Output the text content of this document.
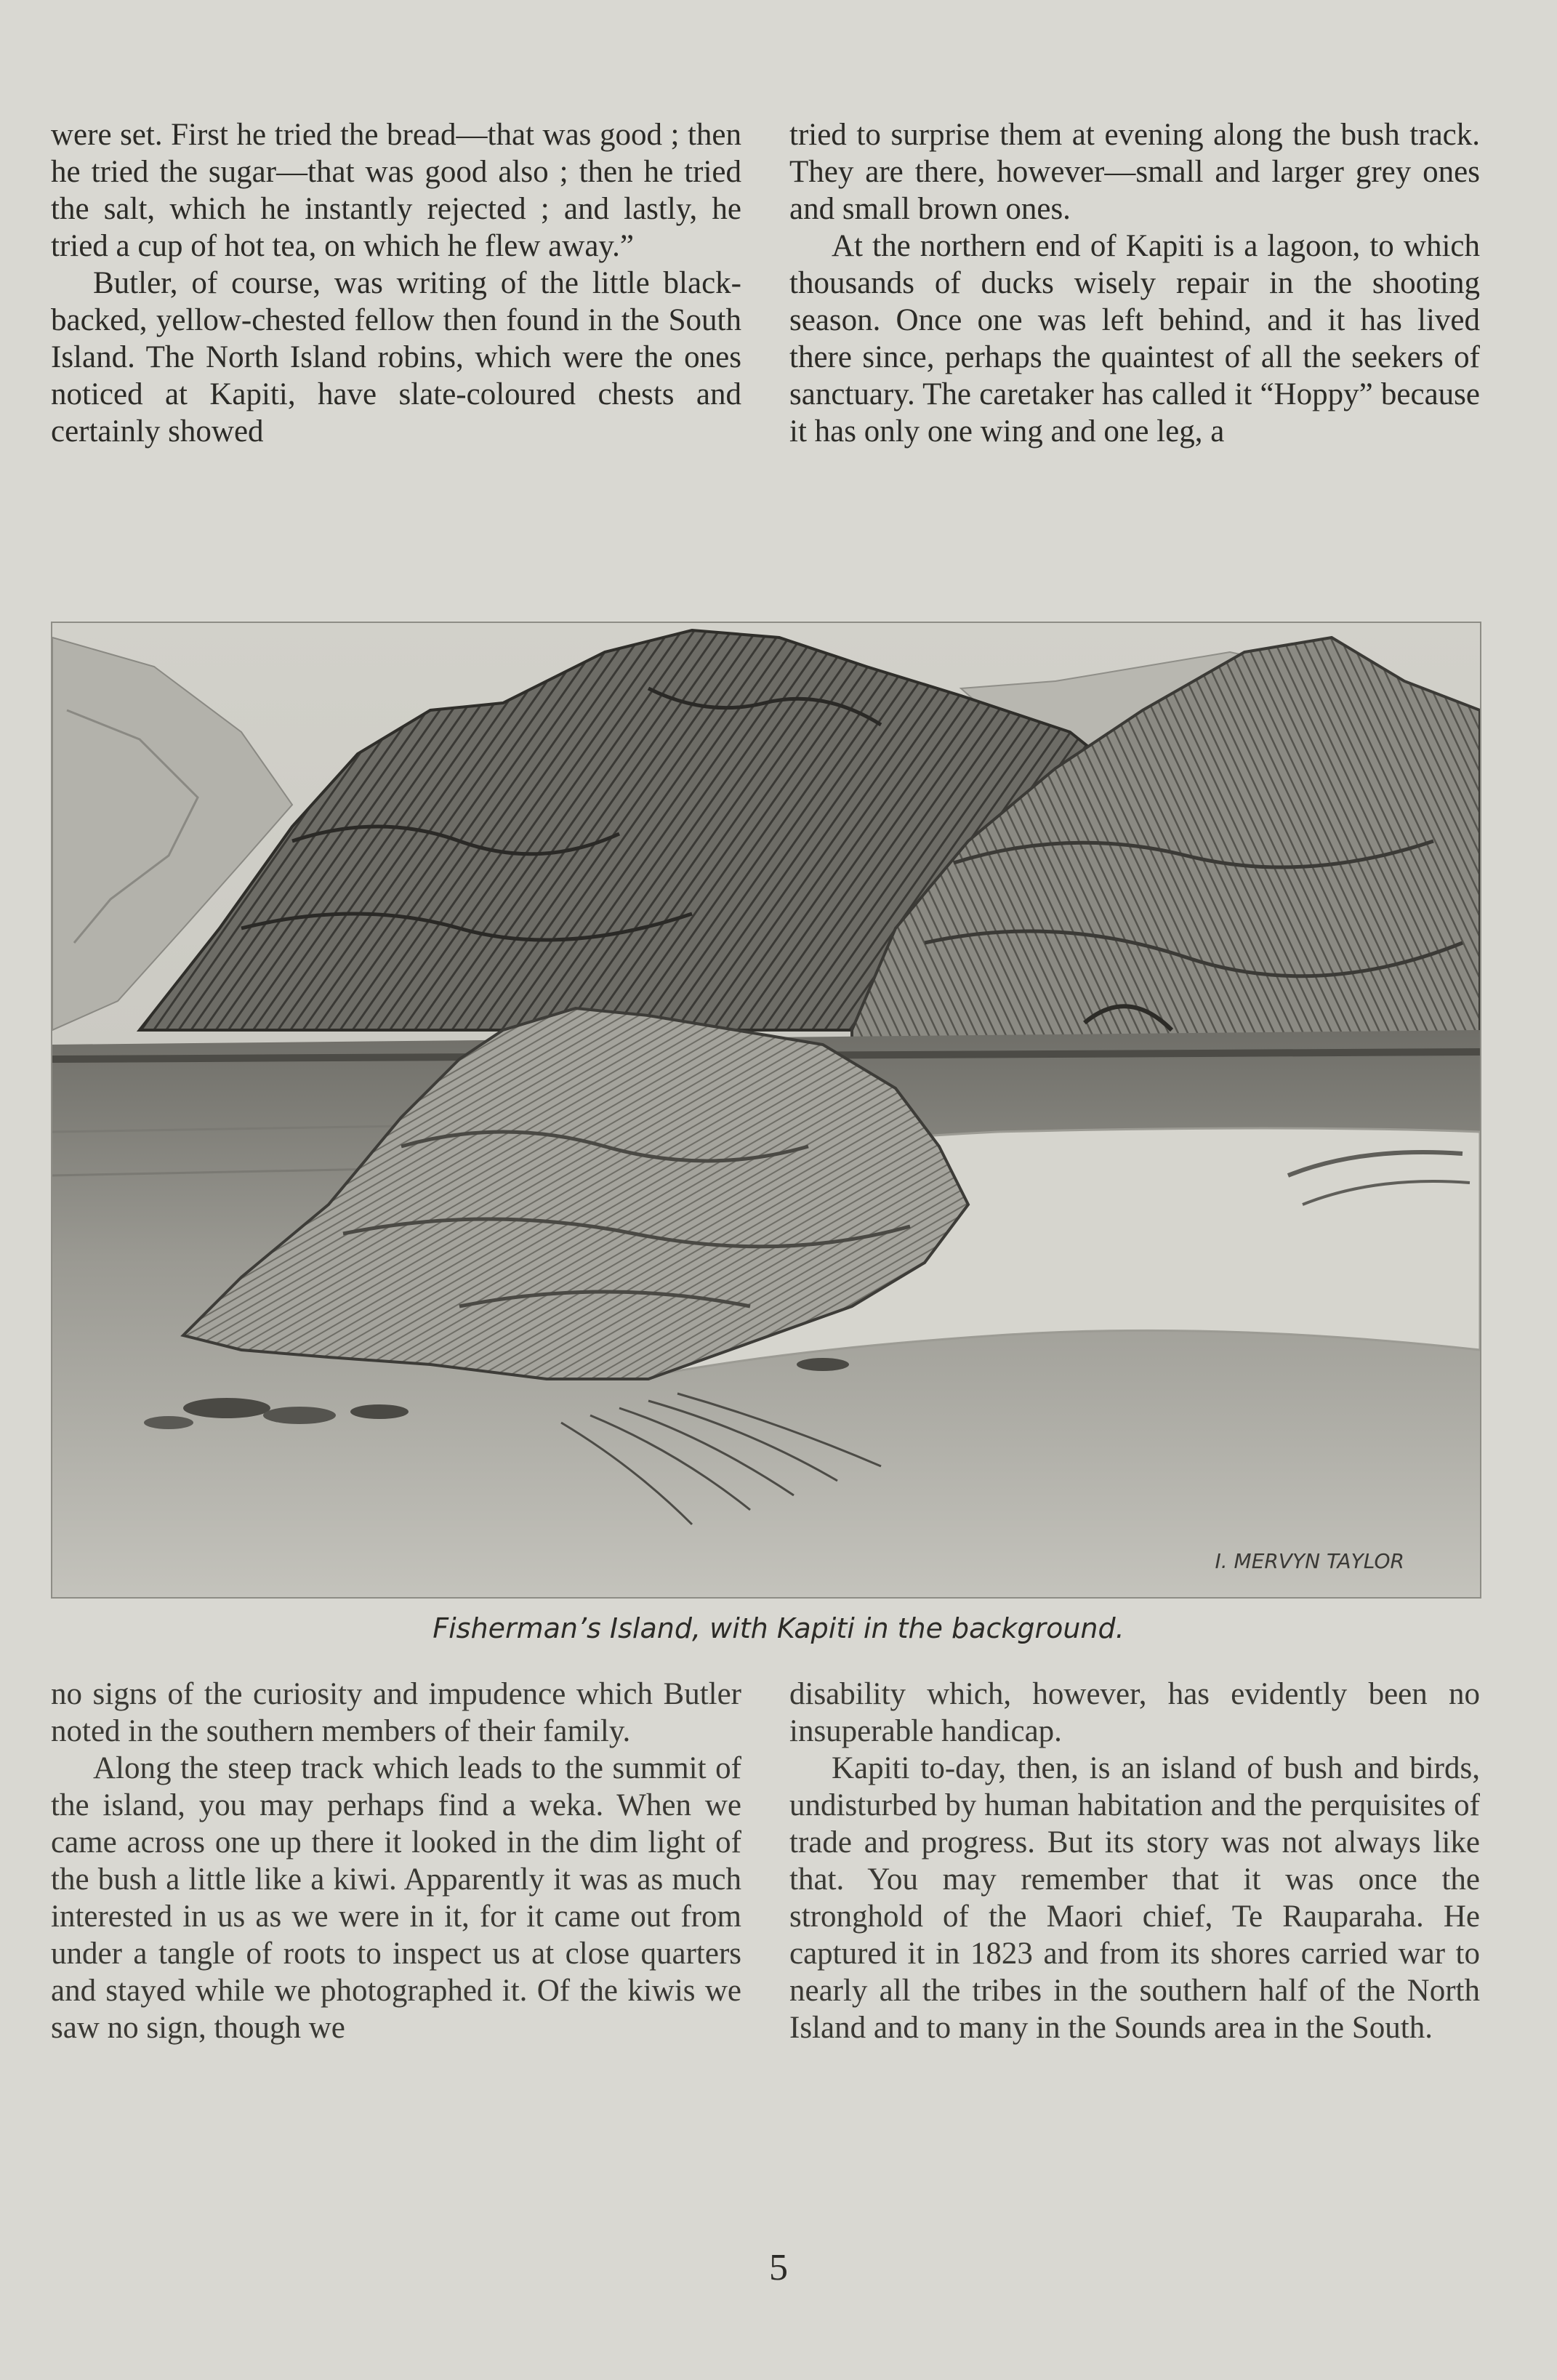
were set. First he tried the bread—that was good ; then he tried the sugar—that was good also ; then he tried the salt, which he instantly rejected ; and lastly, he tried a cup of hot tea, on which he flew away.”

Butler, of course, was writing of the little black-backed, yellow-chested fellow then found in the South Island. The North Island robins, which were the ones noticed at Kapiti, have slate-coloured chests and certainly showed

tried to surprise them at evening along the bush track. They are there, however—small and larger grey ones and small brown ones.

At the northern end of Kapiti is a lagoon, to which thousands of ducks wisely repair in the shooting season. Once one was left behind, and it has lived there since, perhaps the quaintest of all the seekers of sanctuary. The caretaker has called it “Hoppy” because it has only one wing and one leg, a

I. MERVYN TAYLOR
Fisherman’s Island, with Kapiti in the background.

no signs of the curiosity and impudence which Butler noted in the southern members of their family.

Along the steep track which leads to the summit of the island, you may perhaps find a weka. When we came across one up there it looked in the dim light of the bush a little like a kiwi. Apparently it was as much interested in us as we were in it, for it came out from under a tangle of roots to inspect us at close quarters and stayed while we photographed it. Of the kiwis we saw no sign, though we

disability which, however, has evidently been no insuperable handicap.

Kapiti to-day, then, is an island of bush and birds, undisturbed by human habitation and the perquisites of trade and progress. But its story was not always like that. You may remember that it was once the stronghold of the Maori chief, Te Rauparaha. He captured it in 1823 and from its shores carried war to nearly all the tribes in the southern half of the North Island and to many in the Sounds area in the South.

5
